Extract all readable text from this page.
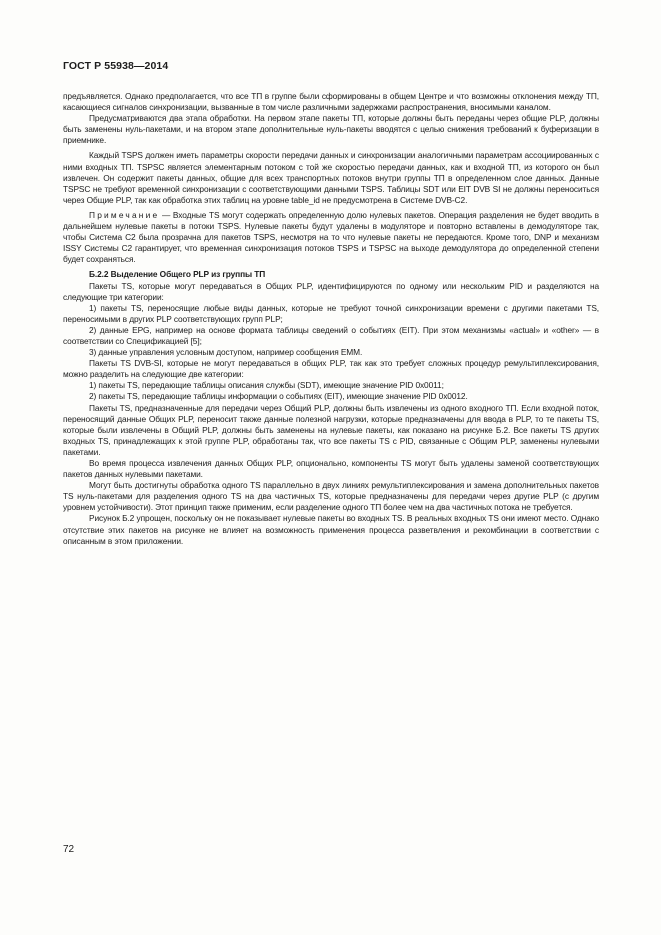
ГОСТ Р 55938—2014

предъявляется. Однако предполагается, что все ТП в группе были сформированы в общем Центре и что возможны отклонения между ТП, касающиеся сигналов синхронизации, вызванные в том числе различными задержками распространения, вносимыми каналом.

Предусматриваются два этапа обработки. На первом этапе пакеты ТП, которые должны быть переданы через общие PLP, должны быть заменены нуль-пакетами, и на втором этапе дополнительные нуль-пакеты вводятся с целью снижения требований к буферизации в приемнике.

Каждый TSPS должен иметь параметры скорости передачи данных и синхронизации аналогичными параметрам ассоциированных с ними входных ТП. TSPSC является элементарным потоком с той же скоростью передачи данных, как и входной ТП, из которого он был извлечен. Он содержит пакеты данных, общие для всех транспортных потоков внутри группы ТП в определенном слое данных. Данные TSPSC не требуют временной синхронизации с соответствующими данными TSPS. Таблицы SDT или EIT DVB SI не должны переноситься через Общие PLP, так как обработка этих таблиц на уровне table_id не предусмотрена в Системе DVB-C2.

Примечание — Входные TS могут содержать определенную долю нулевых пакетов. Операция разделения не будет вводить в дальнейшем нулевые пакеты в потоки TSPS. Нулевые пакеты будут удалены в модуляторе и повторно вставлены в демодуляторе так, чтобы Система С2 была прозрачна для пакетов TSPS, несмотря на то что нулевые пакеты не передаются. Кроме того, DNP и механизм ISSY Системы С2 гарантирует, что временная синхронизация потоков TSPS и TSPSC на выходе демодулятора до определенной степени будет сохраняться.

Б.2.2 Выделение Общего PLP из группы ТП

Пакеты TS, которые могут передаваться в Общих PLP, идентифицируются по одному или нескольким PID и разделяются на следующие три категории:

1) пакеты TS, переносящие любые виды данных, которые не требуют точной синхронизации времени с другими пакетами TS, переносимыми в других PLP соответствующих групп PLP;

2) данные EPG, например на основе формата таблицы сведений о событиях (EIT). При этом механизмы «actual» и «other» — в соответствии со Спецификацией [5];

3) данные управления условным доступом, например сообщения ЕММ.

Пакеты TS DVB-SI, которые не могут передаваться в общих PLP, так как это требует сложных процедур ремультиплексирования, можно разделить на следующие две категории:

1) пакеты TS, передающие таблицы описания службы (SDT), имеющие значение PID 0x0011;

2) пакеты TS, передающие таблицы информации о событиях (EIT), имеющие значение PID 0x0012.

Пакеты TS, предназначенные для передачи через Общий PLP, должны быть извлечены из одного входного ТП. Если входной поток, переносящий данные Общих PLP, переносит также данные полезной нагрузки, которые предназначены для ввода в PLP, то те пакеты TS, которые были извлечены в Общий PLP, должны быть заменены на нулевые пакеты, как показано на рисунке Б.2. Все пакеты TS других входных TS, принадлежащих к этой группе PLP, обработаны так, что все пакеты TS с PID, связанные с Общим PLP, заменены нулевыми пакетами.

Во время процесса извлечения данных Общих PLP, опционально, компоненты TS могут быть удалены заменой соответствующих пакетов данных нулевыми пакетами.

Могут быть достигнуты обработка одного TS параллельно в двух линиях ремультиплексирования и замена дополнительных пакетов TS нуль-пакетами для разделения одного TS на два частичных TS, которые предназначены для передачи через другие PLP (с другим уровнем устойчивости). Этот принцип также применим, если разделение одного ТП более чем на два частичных потока не требуется.

Рисунок Б.2 упрощен, поскольку он не показывает нулевые пакеты во входных TS. В реальных входных TS они имеют место. Однако отсутствие этих пакетов на рисунке не влияет на возможность применения процесса разветвления и рекомбинации в соответствии с описанным в этом приложении.

72
